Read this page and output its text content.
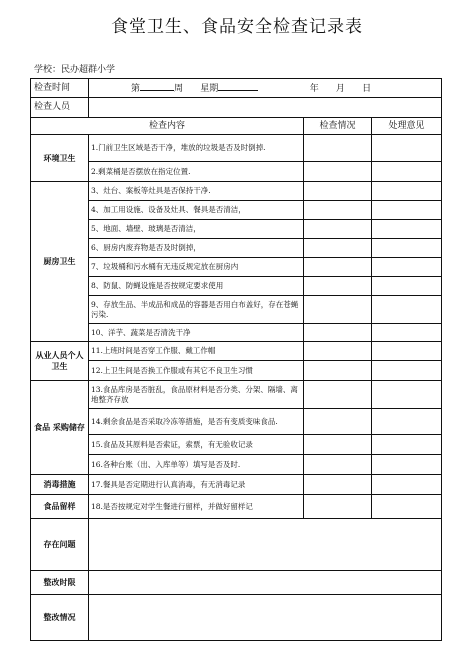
食堂卫生、食品安全检查记录表
学校：民办超群小学
检查时间	第 周 星期 年 月 日		
检查人员			
检查内容		检查情况	处理意见
环境卫生	1.门前卫生区域是否干净，堆放的垃圾是否及时倒掉.		
	2.剩菜桶是否摆放在指定位置.		
厨房卫生	3、灶台、案板等灶具是否保持干净.		
	4、加工用设施、设备及灶具、餐具是否清洁，		
	5、地面、墙壁、玻璃是否清洁，		
	6、厨房内废弃物是否及时倒掉，		
	7、垃圾桶和污水桶有无违反规定放在厨房内		
	8、防鼠、防蝇设施是否按规定要求使用		
	9、存放生品、半成品和成品的容器是否用白布盖好，存在苍蝇污染.		
	10、洋芋、蔬菜是否清洗干净		
从业人员个人卫生	11.上班时间是否穿工作服、戴工作帽		
	12.上卫生间是否换工作服或有其它不良卫生习惯		
食品 采购储存	13.食品库房是否脏乱，食品原材料是否分类、分架、隔墙、离地整齐存放		
	14.剩余食品是否采取冷冻等措施，是否有变质变味食品.		
	15.食品及其原料是否索证，索票，有无验收记录		
	16.各种台账（出、入库单等）填写是否及时.		
消毒措施	17.餐具是否定期进行认真消毒，有无消毒记录		
食品留样	18.是否按规定对学生餐进行留样，并做好留样记		
存在问题			
整改时限			
整改情况			
